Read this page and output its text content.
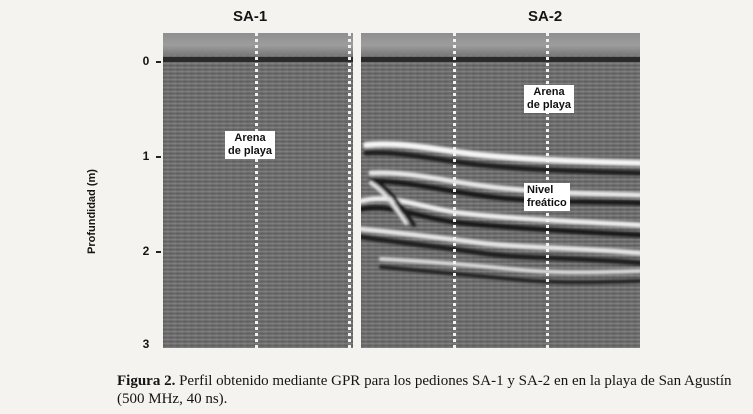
SA-1	SA-2
Profundidad (m)
0
1
2
3
Arena
de playa
Arena
de playa
Nivel
freático
Figura 2. Perfil obtenido mediante GPR para los pediones SA-1 y SA-2 en en la playa de San Agustín (500 MHz, 40 ns).
